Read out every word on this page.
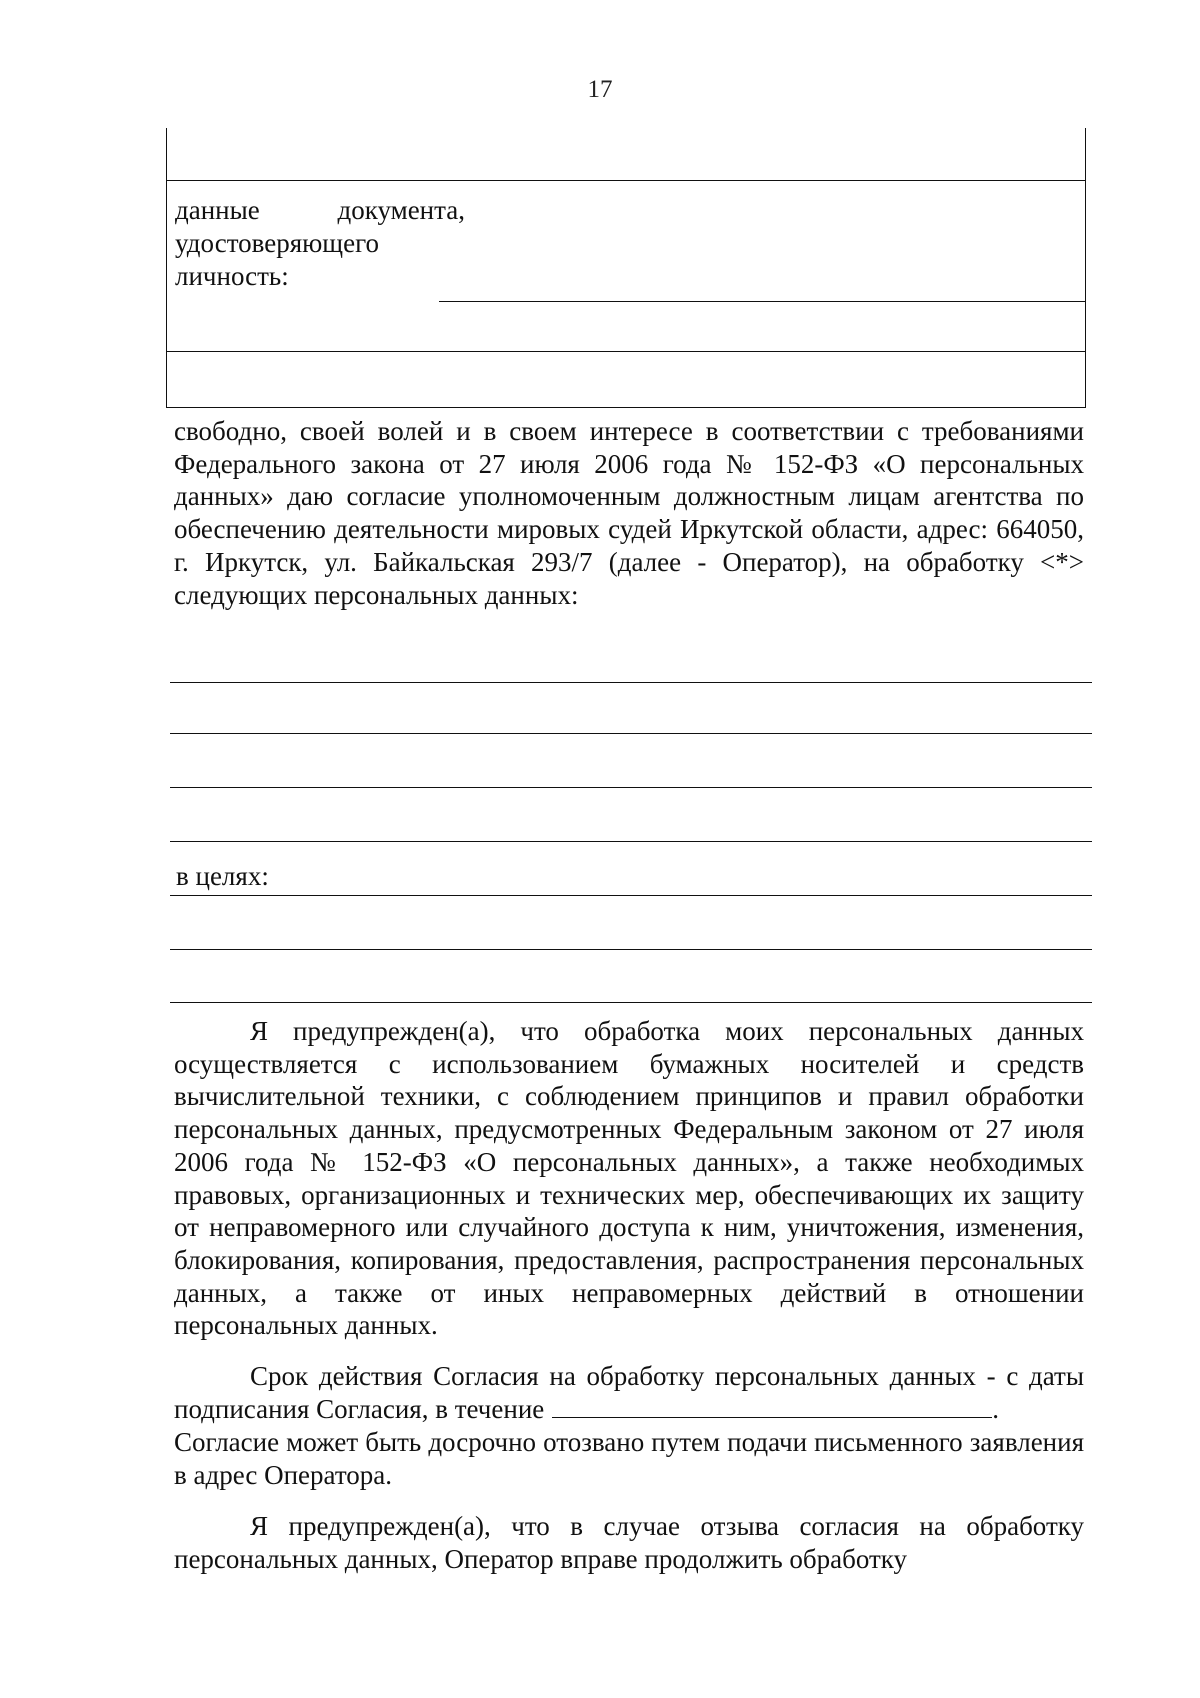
17
данные документа, удостоверяющего личность:

свободно, своей волей и в своем интересе в соответствии с требованиями Федерального закона от 27 июля 2006 года № 152-ФЗ «О персональных данных» даю согласие уполномоченным должностным лицам агентства по обеспечению деятельности мировых судей Иркутской области, адрес: 664050, г. Иркутск, ул. Байкальская 293/7 (далее - Оператор), на обработку <*> следующих персональных данных:

в целях:

Я предупрежден(а), что обработка моих персональных данных осуществляется с использованием бумажных носителей и средств вычислительной техники, с соблюдением принципов и правил обработки персональных данных, предусмотренных Федеральным законом от 27 июля 2006 года № 152-ФЗ «О персональных данных», а также необходимых правовых, организационных и технических мер, обеспечивающих их защиту от неправомерного или случайного доступа к ним, уничтожения, изменения, блокирования, копирования, предоставления, распространения персональных данных, а также от иных неправомерных действий в отношении персональных данных.

Срок действия Согласия на обработку персональных данных - с даты подписания Согласия, в течение	.

Согласие может быть досрочно отозвано путем подачи письменного заявления в адрес Оператора.

Я предупрежден(а), что в случае отзыва согласия на обработку персональных данных, Оператор вправе продолжить обработку
